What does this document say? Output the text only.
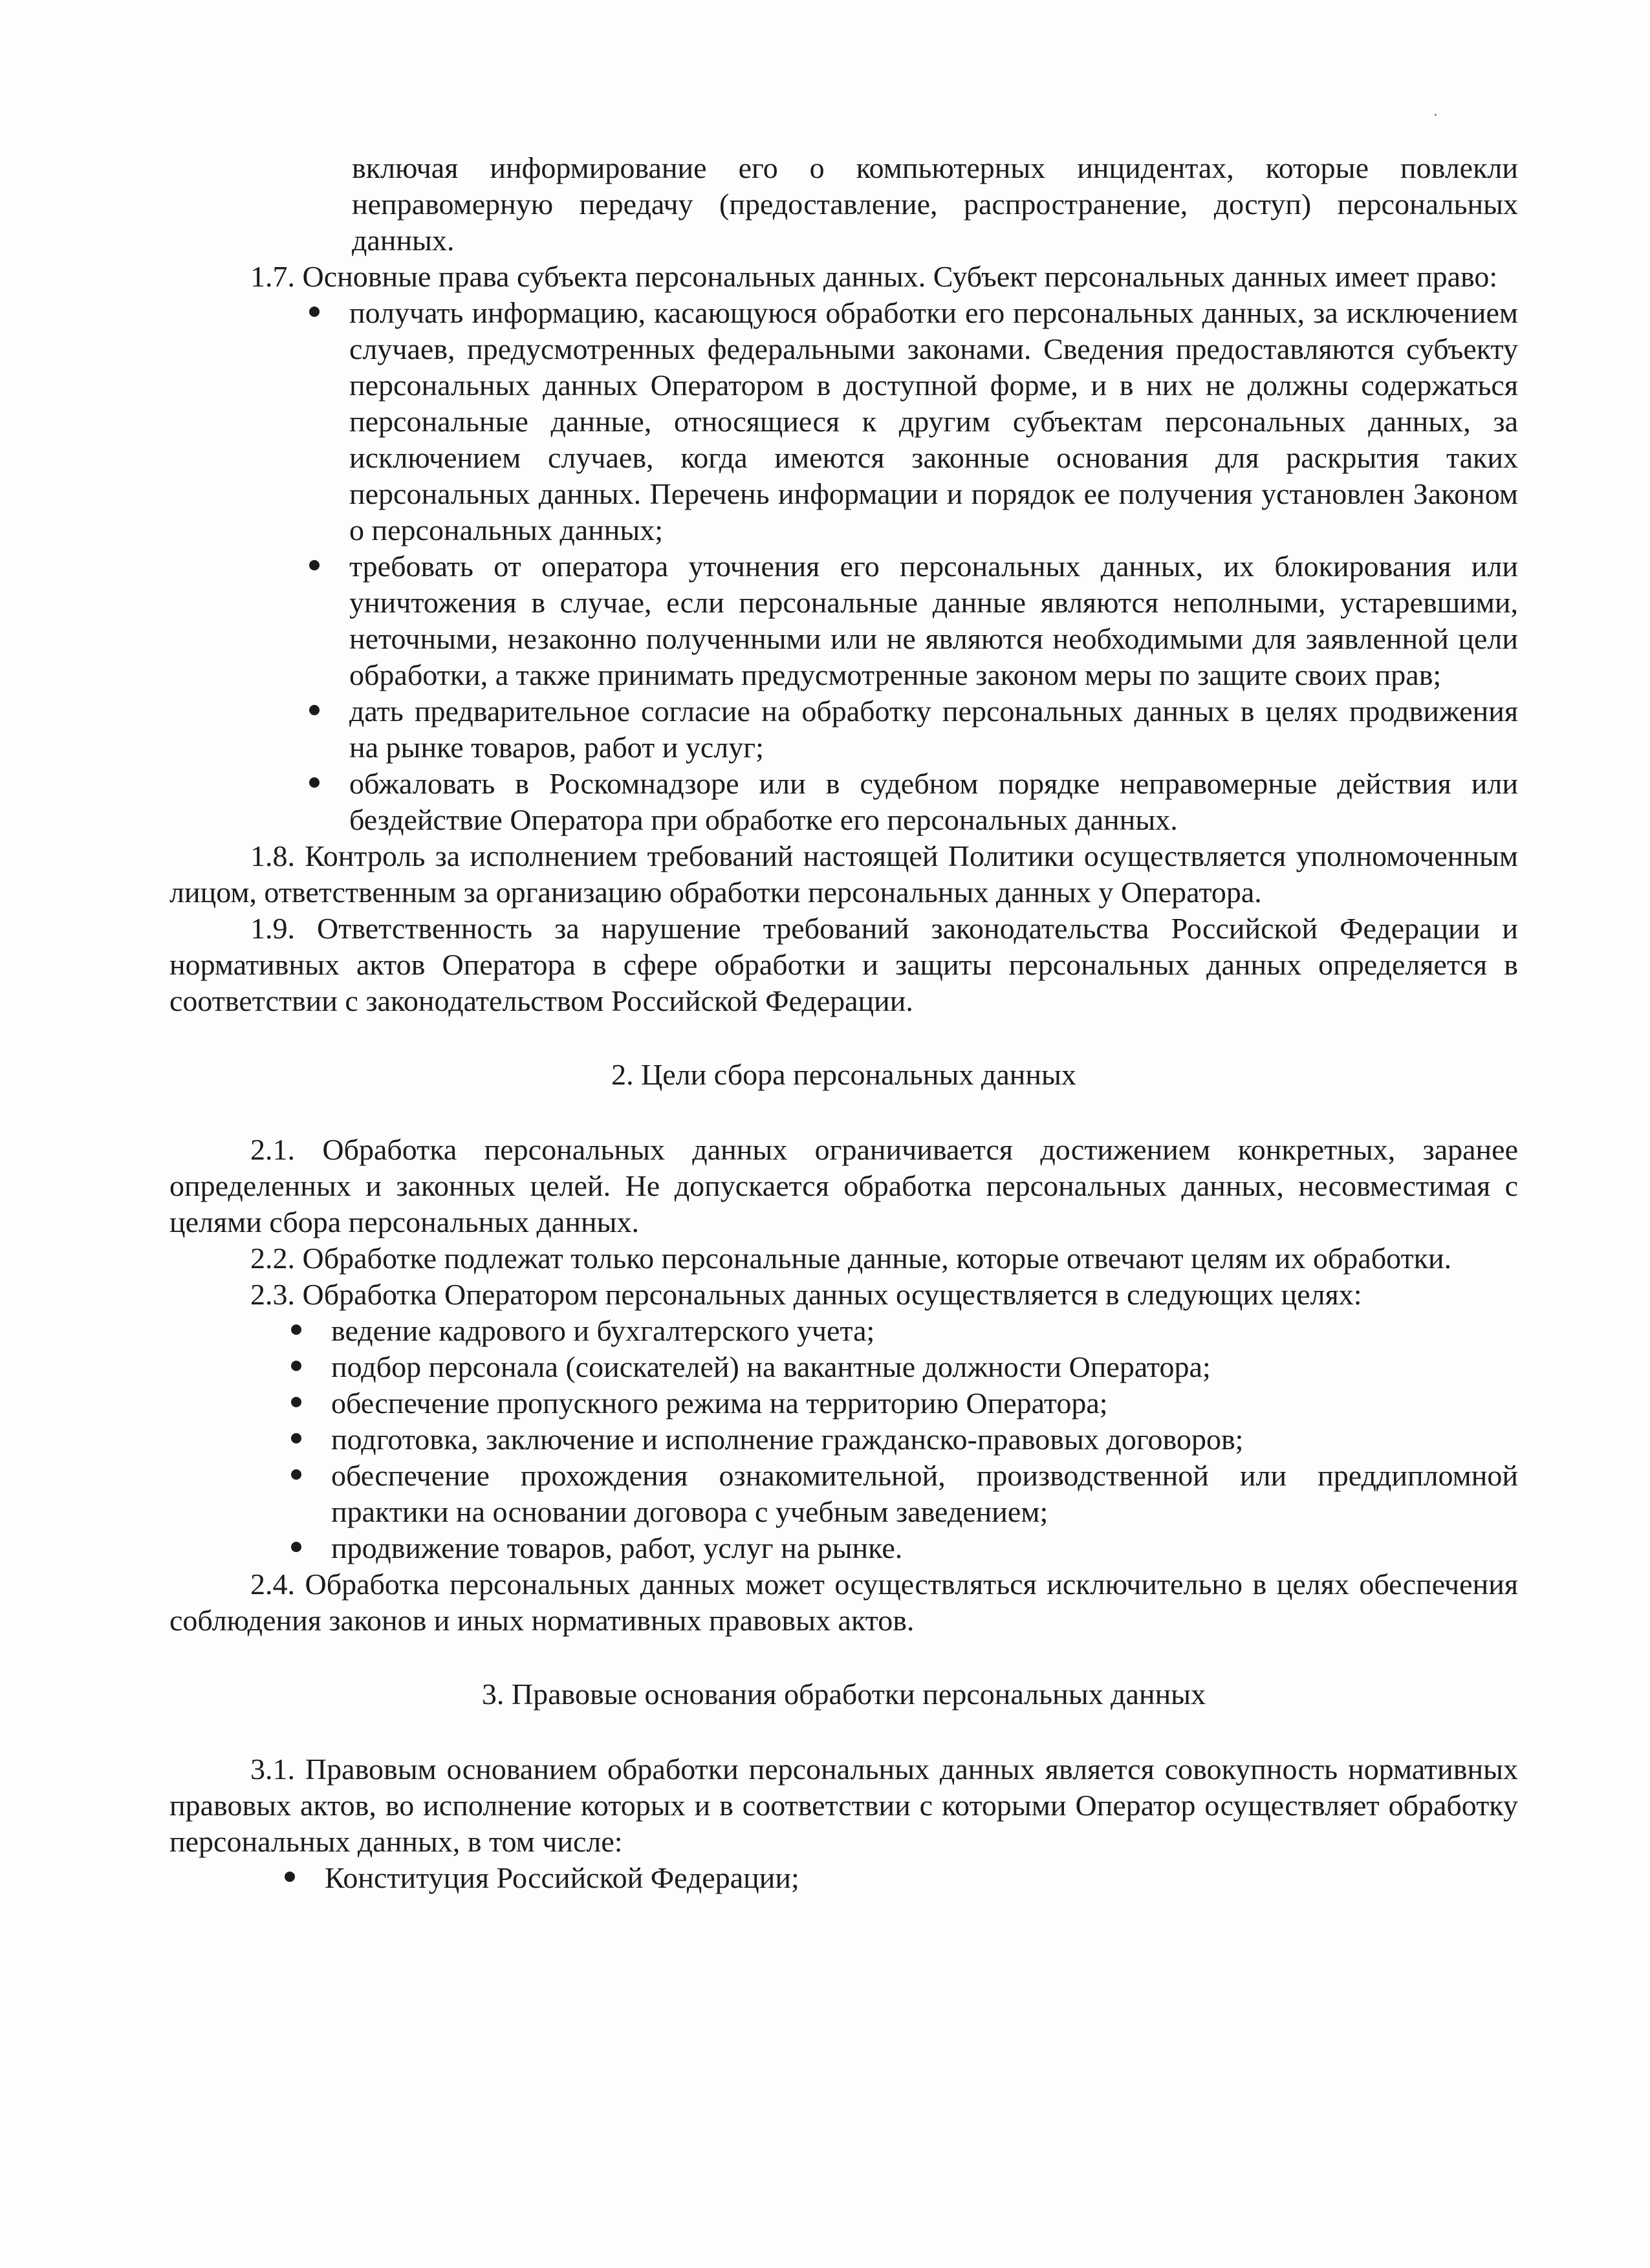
включая информирование его о компьютерных инцидентах, которые повлекли неправомерную передачу (предоставление, распространение, доступ) персональных данных.

1.7. Основные права субъекта персональных данных. Субъект персональных данных имеет право:

получать информацию, касающуюся обработки его персональных данных, за исключением случаев, предусмотренных федеральными законами. Сведения предоставляются субъекту персональных данных Оператором в доступной форме, и в них не должны содержаться персональные данные, относящиеся к другим субъектам персональных данных, за исключением случаев, когда имеются законные основания для раскрытия таких персональных данных. Перечень информации и порядок ее получения установлен Законом о персональных данных;
требовать от оператора уточнения его персональных данных, их блокирования или уничтожения в случае, если персональные данные являются неполными, устаревшими, неточными, незаконно полученными или не являются необходимыми для заявленной цели обработки, а также принимать предусмотренные законом меры по защите своих прав;
дать предварительное согласие на обработку персональных данных в целях продвижения на рынке товаров, работ и услуг;
обжаловать в Роскомнадзоре или в судебном порядке неправомерные действия или бездействие Оператора при обработке его персональных данных.

1.8. Контроль за исполнением требований настоящей Политики осуществляется уполномоченным лицом, ответственным за организацию обработки персональных данных у Оператора.

1.9. Ответственность за нарушение требований законодательства Российской Федерации и нормативных актов Оператора в сфере обработки и защиты персональных данных определяется в соответствии с законодательством Российской Федерации.

2. Цели сбора персональных данных

2.1. Обработка персональных данных ограничивается достижением конкретных, заранее определенных и законных целей. Не допускается обработка персональных данных, несовместимая с целями сбора персональных данных.

2.2. Обработке подлежат только персональные данные, которые отвечают целям их обработки.

2.3. Обработка Оператором персональных данных осуществляется в следующих целях:

ведение кадрового и бухгалтерского учета;
подбор персонала (соискателей) на вакантные должности Оператора;
обеспечение пропускного режима на территорию Оператора;
подготовка, заключение и исполнение гражданско-правовых договоров;
обеспечение прохождения ознакомительной, производственной или преддипломной практики на основании договора с учебным заведением;
продвижение товаров, работ, услуг на рынке.

2.4. Обработка персональных данных может осуществляться исключительно в целях обеспечения соблюдения законов и иных нормативных правовых актов.

3. Правовые основания обработки персональных данных

3.1. Правовым основанием обработки персональных данных является совокупность нормативных правовых актов, во исполнение которых и в соответствии с которыми Оператор осуществляет обработку персональных данных, в том числе:

Конституция Российской Федерации;
